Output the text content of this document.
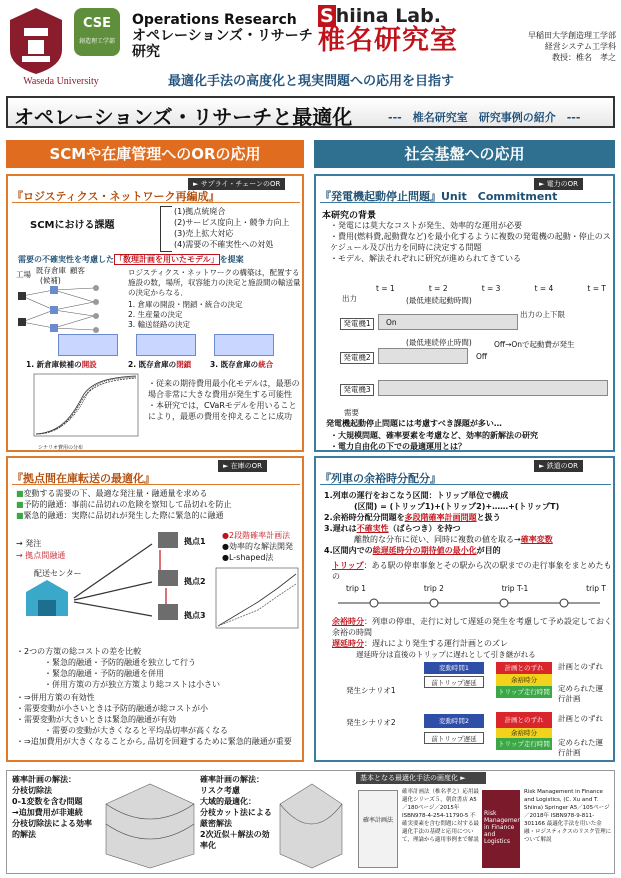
CSE
創造理工学部
Waseda University
Operations Research
オペレーションズ・リサーチ
研究
S hiina Lab.
椎名研究室	早稲田大学創造理工学部
経営システム工学科
教授：椎名　孝之
最適化手法の高度化と現実問題への応用を目指す
オペレーションズ・リサーチと最適化	---　椎名研究室　研究事例の紹介　---
SCMや在庫管理へのORの応用	社会基盤への応用
► サプライ・チェーンのOR
『ロジスティクス・ネットワーク再編成』
SCMにおける課題
(1)拠点統廃合
(2)サービス度向上・競争力向上
(3)売上拡大対応
(4)需要の不確実性への対処
需要の不確実性を考慮した「数理計画を用いたモデル」を提案
工場 既存倉庫 顧客
(候補)
ロジスティクス・ネットワークの構築は，配置する施設の数，場所，収容能力の決定と施設間の輸送量の決定からなる．
1. 倉庫の開設・閉鎖・統合の決定
2. 生産量の決定
3. 輸送経路の決定
1. 新倉庫候補の開設	2. 既存倉庫の閉鎖	3. 既存倉庫の統合
シナリオ費用の分布
・ 従来の期待費用最小化モデルは，最悪の場合非常に大きな費用が発生する可能性
・ 本研究では，CVaRモデルを用いることにより，最悪の費用を抑えることに成功
► 在庫のOR
『拠点間在庫転送の最適化』
■変動する需要の下、最適な発注量・融通量を求める
■予防的融通：事前に品切れの危険を察知して品切れを防止
■緊急的融通：実際に品切れが発生した際に緊急的に融通
→ 発注
→ 拠点間融通
配送センター
拠点1
拠点2
拠点3
●2段階確率計画法
●効率的な解法開発
●L-shaped法
・ 2つの方策の総コストの差を比較
・ 緊急的融通・予防的融通を独立して行う
・ 緊急的融通・予防的融通を併用
・ 併用方策の方が独立方策より総コストは小さい
・ ⇒併用方策の有効性
・ 需要変動が小さいときは予防的融通が総コストが小
・ 需要変動が大きいときは緊急的融通が有効
・ 需要の変動が大きくなると平均品切率が高くなる
・ ⇒追加費用が大きくなることから, 品切を回避するために緊急的融通が重要
► 電力のOR
『発電機起動停止問題』Unit　Commitment
本研究の背景
・ 発電には莫大なコストが発生、効率的な運用が必要
・ 費用(燃料費,起動費など)を最小化するように複数の発電機の起動・停止のスケジュール及び出力を同時に決定する問題
・ モデル、解法それぞれに研究が進められてきている
出力
t = 1	t = 2	t = 3	t = 4	t = T
(最低連続起動時間)
出力の上下限
発電機1	On
(最低連続停止時間)
発電機2	Off
Off→Onで起動費が発生
発電機3
需要
発電機起動停止問題には考慮すべき課題が多い…
・ 大規模問題、確率要素を考慮など、効率的新解法の研究
・ 電力自由化の下での最適運用とは？
► 鉄道のOR
『列車の余裕時分配分』
1.列車の運行をおこなう区間：トリップ単位で構成
(区間) = (トリップ1)+(トリップ2)+……+(トリップT)
2.余裕時分配分問題を多段階確率計画問題と扱う
3.遅れは不確実性（ばらつき）を持つ
離散的な分布に従い、同時に複数の値を取る→確率変数
4.区間内での総遅延時分の期待値の最小化が目的
トリップ：ある駅の停車事象とその駅から次の駅までの走行事象をまとめたもの
trip 1	trip 2	trip T-1	trip T
余裕時分：列車の停車、走行に対して遅延の発生を考慮して予め設定しておく余裕の時間
遅延時分：遅れにより発生する運行計画とのズレ
遅延時分は直後のトリップに遅れとして引き継がれる
発生シナリオ1
発生シナリオ2
変動時間1
前トリップ遅延
計画とのずれ
余裕時分
トリップ走行時間
計画とのずれ
定められた運行計画
変動時間2
前トリップ遅延
計画とのずれ
余裕時分
トリップ走行時間
計画とのずれ
定められた運行計画
確率計画の解法：
分枝切除法
0-1変数を含む問題
→追加費用が非連続
分枝切除法による効率的解法
確率計画の解法：
リスク考慮
大域的最適化：
分枝カット法による厳密解法
2次近似＋解法の効率化
基本となる最適化手法の画度化 ►
確率計画法
確率計画法（椎名孝之）応用最適化シリーズ５，朝倉書店 A5／180ページ／2015年 ISBN978-4-254-11790-5 不確実要素を含む問題に対する最適化手法の基礎と応用について，理論から適用事例まで解説
Risk Management in Finance and Logistics
Risk Management in Finance and Logistics, (C. Xu and T. Shiina) Springer A5／105ページ／2018年 ISBN978-9-811-301166 最適化手法を用いた金融・ロジスティクスのリスク管理について解説
